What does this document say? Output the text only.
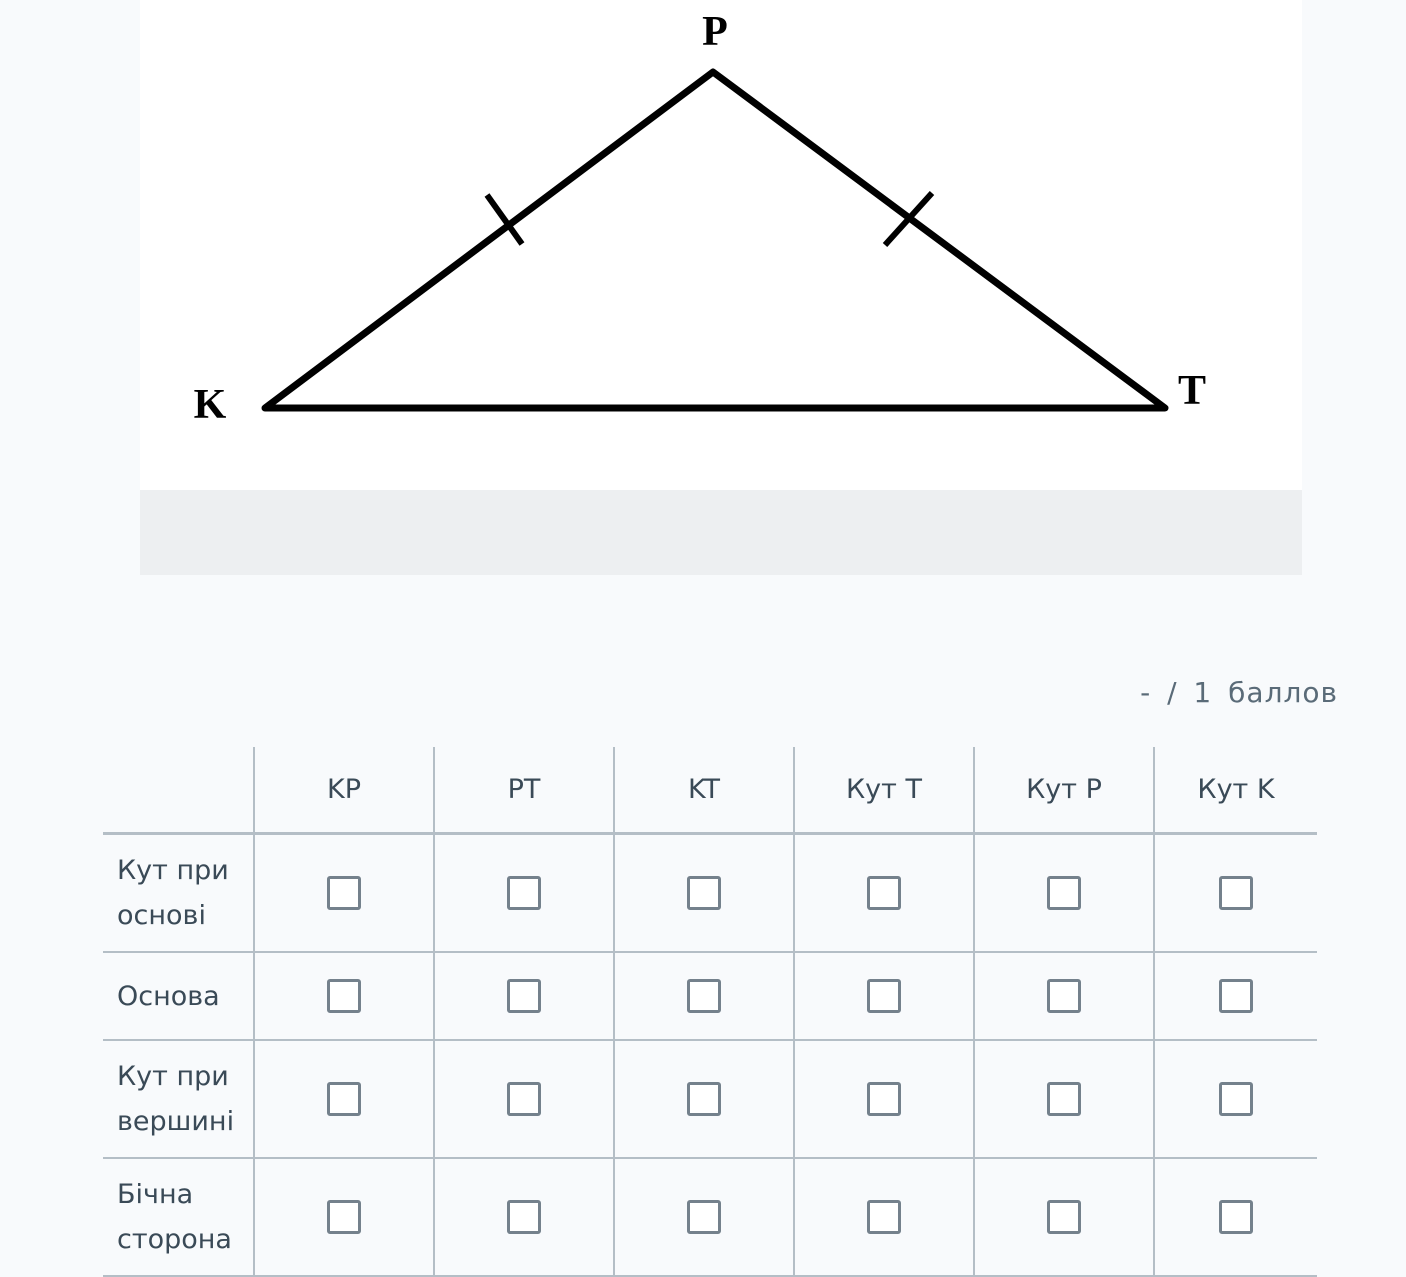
P
K	T
- / 1 баллов
	KP	PT	KT	Кут T	Кут P	Кут K
Кут при основі						
Основа						
Кут при вершині						
Бічна сторона						
